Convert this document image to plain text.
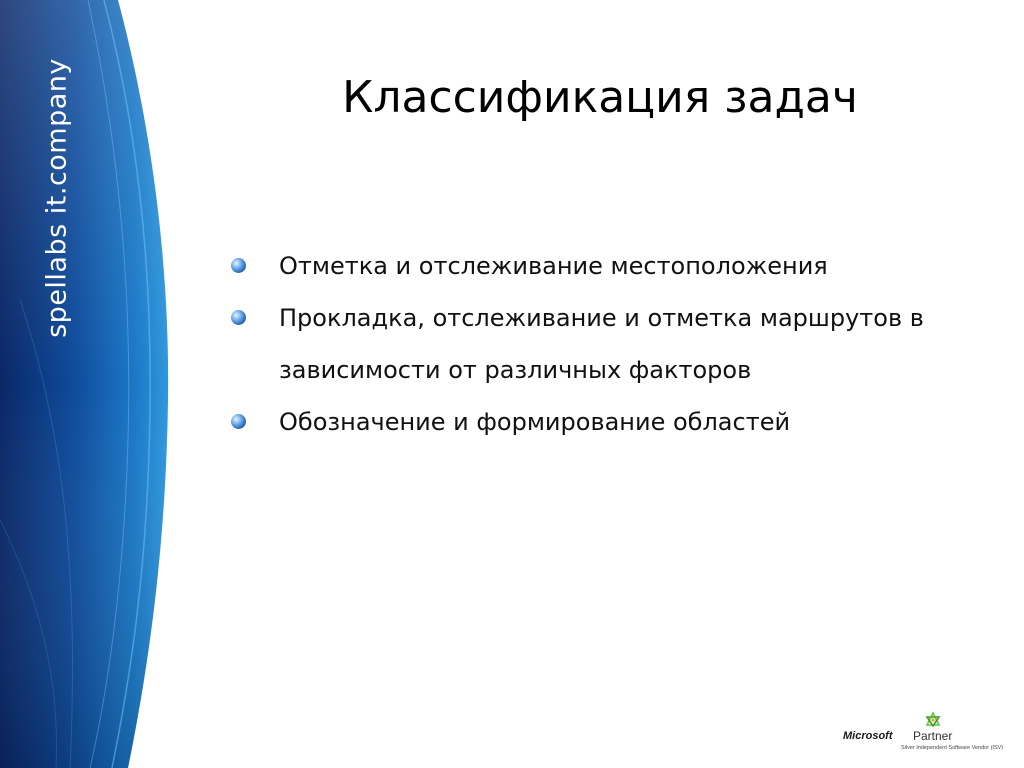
spellabs it.company	Классификация задач
Отметка и отслеживание местоположения
Прокладка, отслеживание и отметка маршрутов в зависимости от различных факторов
Обозначение и формирование областей
Microsoft Partner
Silver Independent Software Vendor (ISV)
